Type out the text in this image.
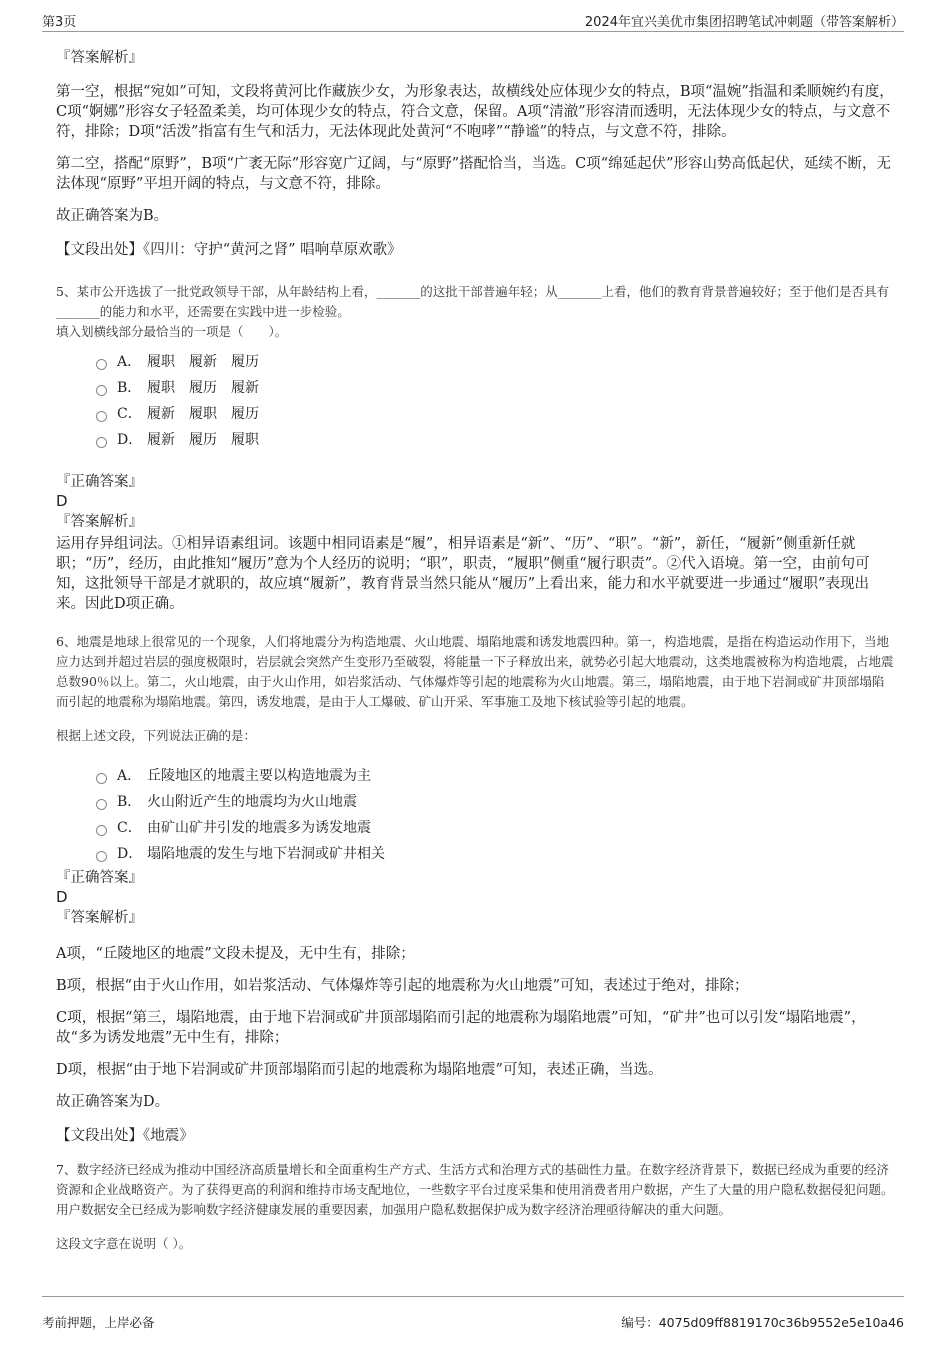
第3页	2024年宜兴美优市集团招聘笔试冲刺题（带答案解析）
『答案解析』
第一空，根据“宛如”可知，文段将黄河比作藏族少女，为形象表达，故横线处应体现少女的特点，B项“温婉”指温和柔顺婉约有度，C项“婀娜”形容女子轻盈柔美，均可体现少女的特点，符合文意，保留。A项“清澈”形容清而透明，无法体现少女的特点，与文意不符，排除；D项“活泼”指富有生气和活力，无法体现此处黄河“不咆哮”“静谧”的特点，与文意不符，排除。
第二空，搭配“原野”，B项“广袤无际”形容宽广辽阔，与“原野”搭配恰当，当选。C项“绵延起伏”形容山势高低起伏，延续不断，无法体现“原野”平坦开阔的特点，与文意不符，排除。
故正确答案为B。
【文段出处】《四川：守护“黄河之肾” 唱响草原欢歌》
5、某市公开选拔了一批党政领导干部，从年龄结构上看，_______的这批干部普遍年轻；从_______上看，他们的教育背景普遍较好；至于他们是否具有_______的能力和水平，还需要在实践中进一步检验。
填入划横线部分最恰当的一项是（　　）。
A． 履职　履新　履历
B． 履职　履历　履新
C． 履新　履职　履历
D． 履新　履历　履职
『正确答案』
D
『答案解析』
运用存异组词法。①相异语素组词。该题中相同语素是“履”，相异语素是“新”、“历”、“职”。“新”，新任，“履新”侧重新任就职；“历”，经历，由此推知“履历”意为个人经历的说明；“职”，职责，“履职”侧重“履行职责”。②代入语境。第一空，由前句可知，这批领导干部是才就职的，故应填“履新”，教育背景当然只能从“履历”上看出来，能力和水平就要进一步通过“履职”表现出来。因此D项正确。
6、地震是地球上很常见的一个现象，人们将地震分为构造地震、火山地震、塌陷地震和诱发地震四种。第一，构造地震，是指在构造运动作用下，当地应力达到并超过岩层的强度极限时，岩层就会突然产生变形乃至破裂，将能量一下子释放出来，就势必引起大地震动，这类地震被称为构造地震，占地震总数90％以上。第二，火山地震，由于火山作用，如岩浆活动、气体爆炸等引起的地震称为火山地震。第三，塌陷地震，由于地下岩洞或矿井顶部塌陷而引起的地震称为塌陷地震。第四，诱发地震，是由于人工爆破、矿山开采、军事施工及地下核试验等引起的地震。
根据上述文段，下列说法正确的是：
A． 丘陵地区的地震主要以构造地震为主
B． 火山附近产生的地震均为火山地震
C． 由矿山矿井引发的地震多为诱发地震
D． 塌陷地震的发生与地下岩洞或矿井相关
『正确答案』
D
『答案解析』
A项，“丘陵地区的地震”文段未提及，无中生有，排除；
B项，根据“由于火山作用，如岩浆活动、气体爆炸等引起的地震称为火山地震”可知，表述过于绝对，排除；
C项，根据“第三，塌陷地震，由于地下岩洞或矿井顶部塌陷而引起的地震称为塌陷地震”可知，“矿井”也可以引发“塌陷地震”，故“多为诱发地震”无中生有，排除；
D项，根据“由于地下岩洞或矿井顶部塌陷而引起的地震称为塌陷地震”可知，表述正确，当选。
故正确答案为D。
【文段出处】《地震》
7、数字经济已经成为推动中国经济高质量增长和全面重构生产方式、生活方式和治理方式的基础性力量。在数字经济背景下，数据已经成为重要的经济资源和企业战略资产。为了获得更高的利润和维持市场支配地位，一些数字平台过度采集和使用消费者用户数据，产生了大量的用户隐私数据侵犯问题。用户数据安全已经成为影响数字经济健康发展的重要因素，加强用户隐私数据保护成为数字经济治理亟待解决的重大问题。
这段文字意在说明（ ）。
考前押题，上岸必备	编号：4075d09ff8819170c36b9552e5e10a46
